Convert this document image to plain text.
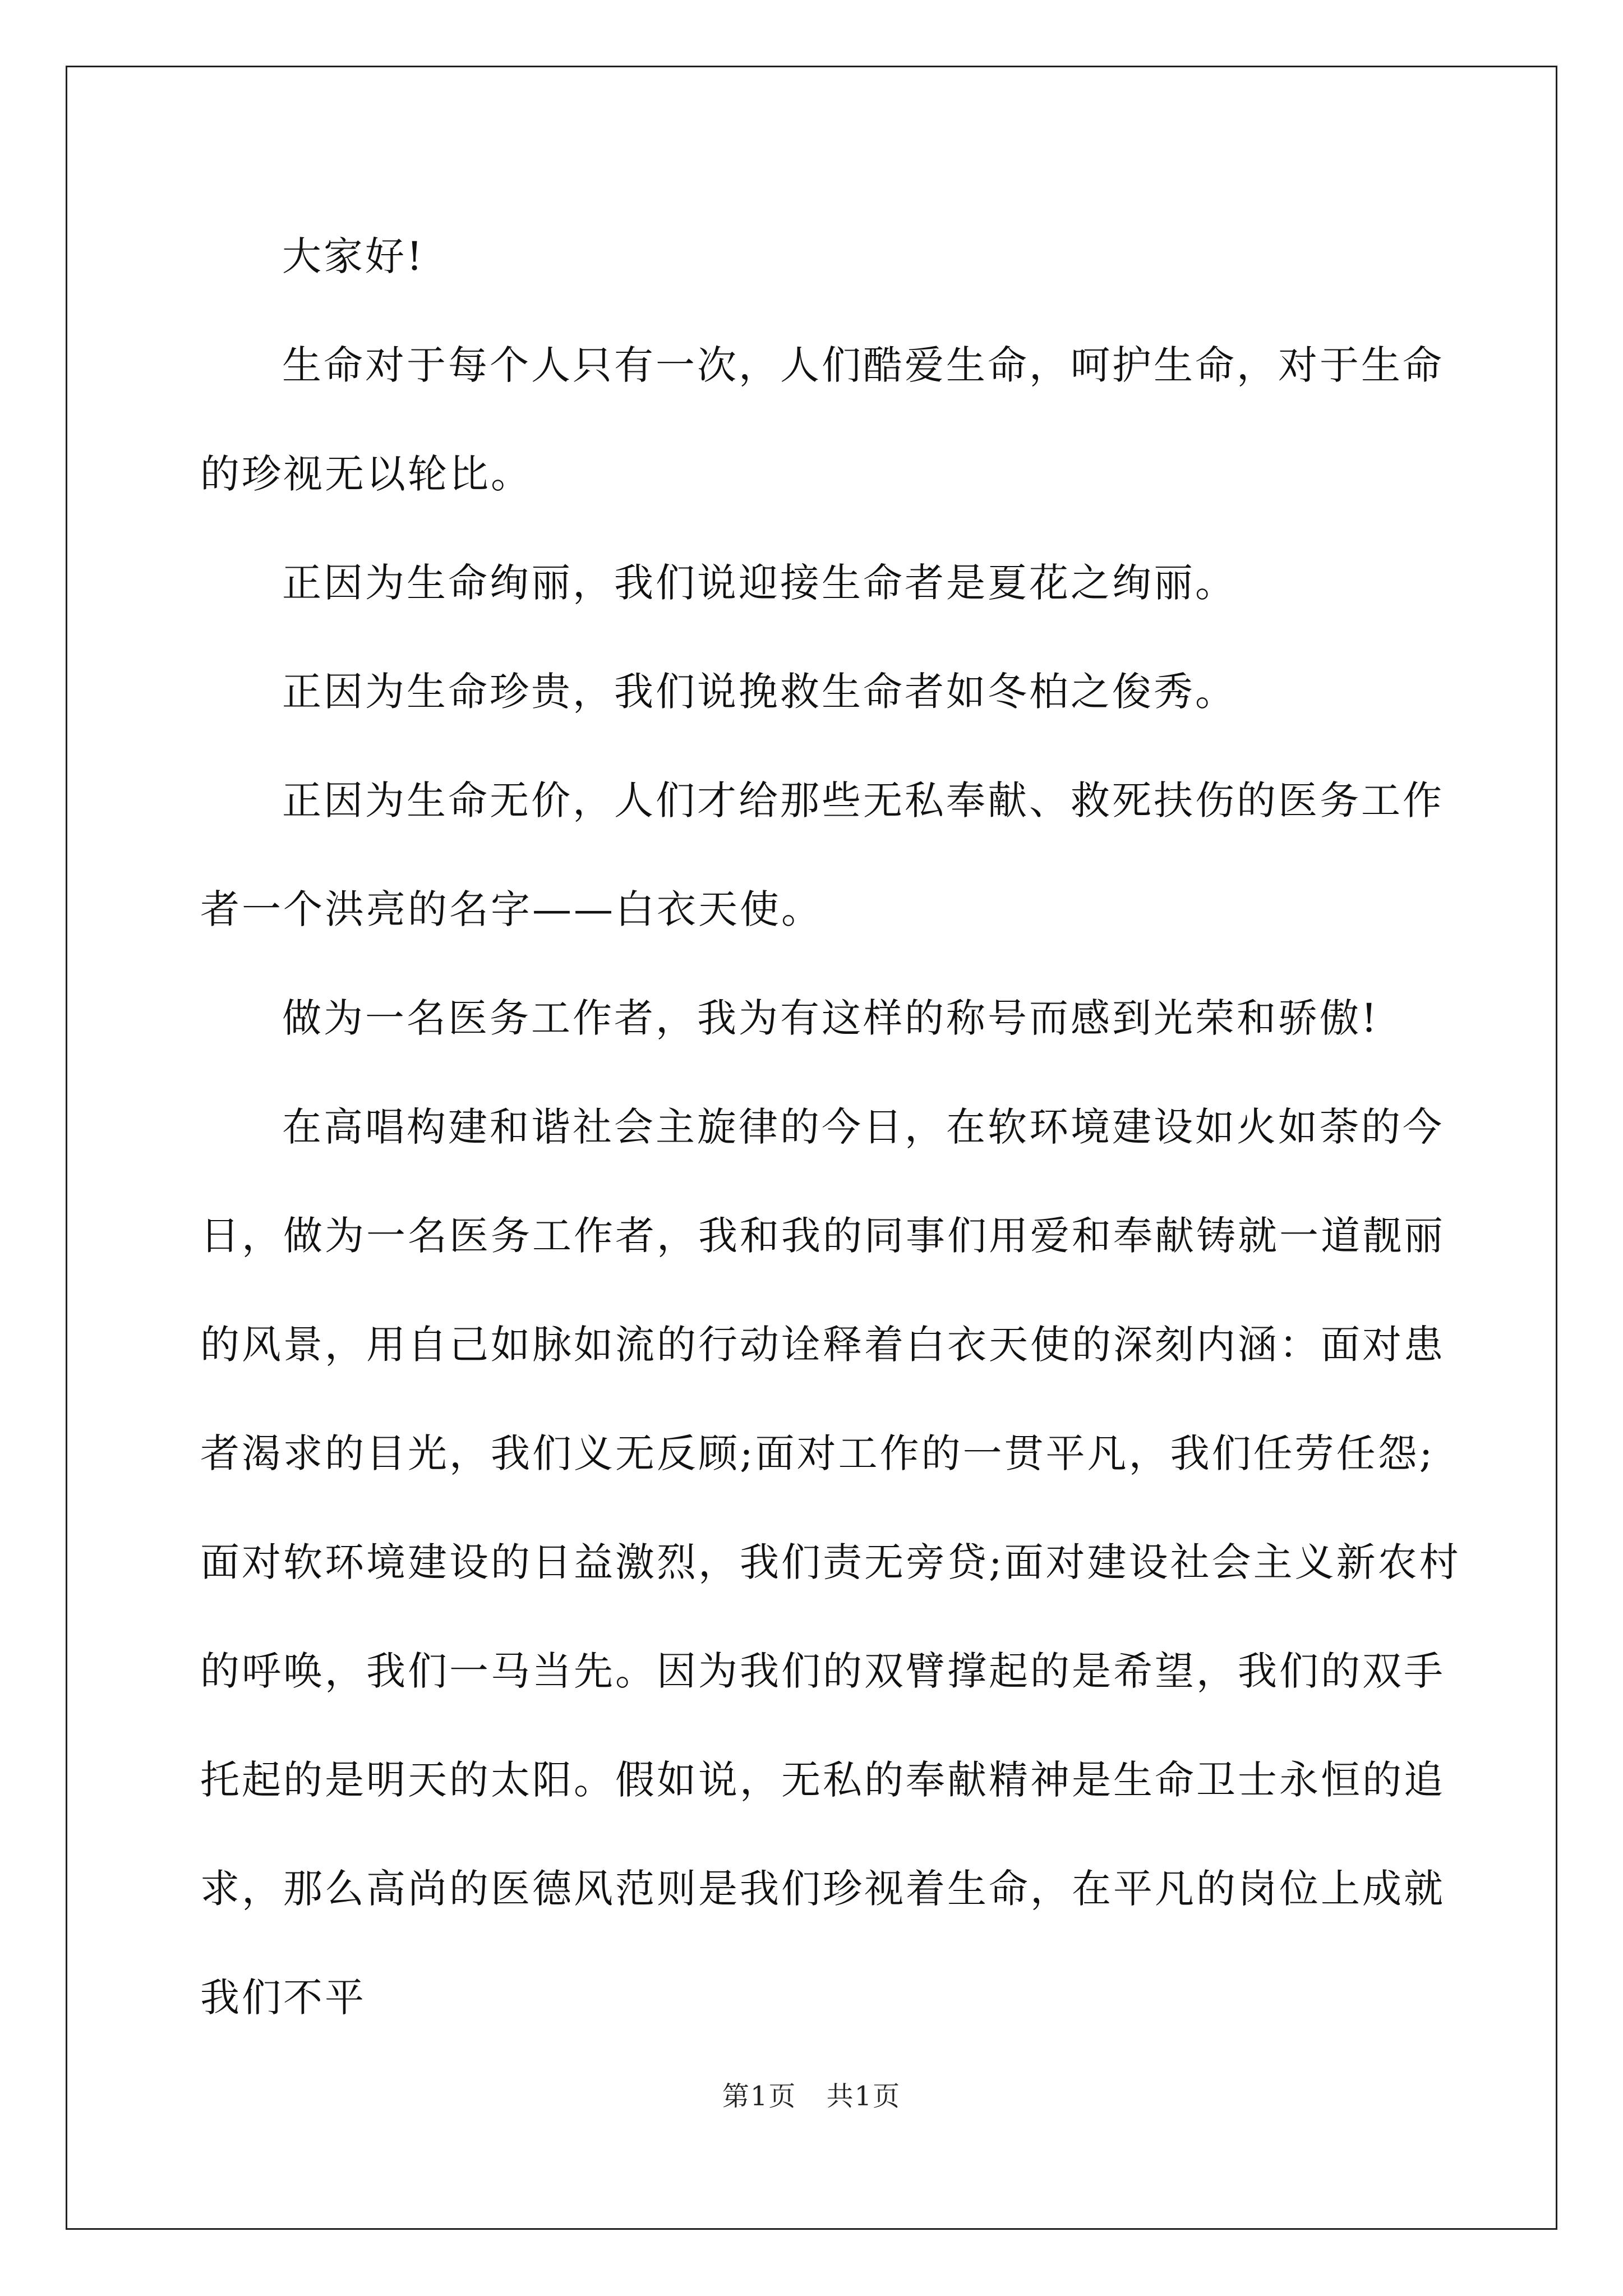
大家好!
生命对于每个人只有一次，人们酷爱生命，呵护生命，对于生命
的珍视无以轮比。
正因为生命绚丽，我们说迎接生命者是夏花之绚丽。
正因为生命珍贵，我们说挽救生命者如冬柏之俊秀。
正因为生命无价，人们才给那些无私奉献、救死扶伤的医务工作
者一个洪亮的名字——白衣天使。
做为一名医务工作者，我为有这样的称号而感到光荣和骄傲!
在高唱构建和谐社会主旋律的今日，在软环境建设如火如荼的今
日，做为一名医务工作者，我和我的同事们用爱和奉献铸就一道靓丽
的风景，用自己如脉如流的行动诠释着白衣天使的深刻内涵：面对患
者渴求的目光，我们义无反顾;面对工作的一贯平凡，我们任劳任怨;
面对软环境建设的日益激烈，我们责无旁贷;面对建设社会主义新农村
的呼唤，我们一马当先。因为我们的双臂撑起的是希望，我们的双手
托起的是明天的太阳。假如说，无私的奉献精神是生命卫士永恒的追
求，那么高尚的医德风范则是我们珍视着生命，在平凡的岗位上成就
我们不平
第1页 共1页
